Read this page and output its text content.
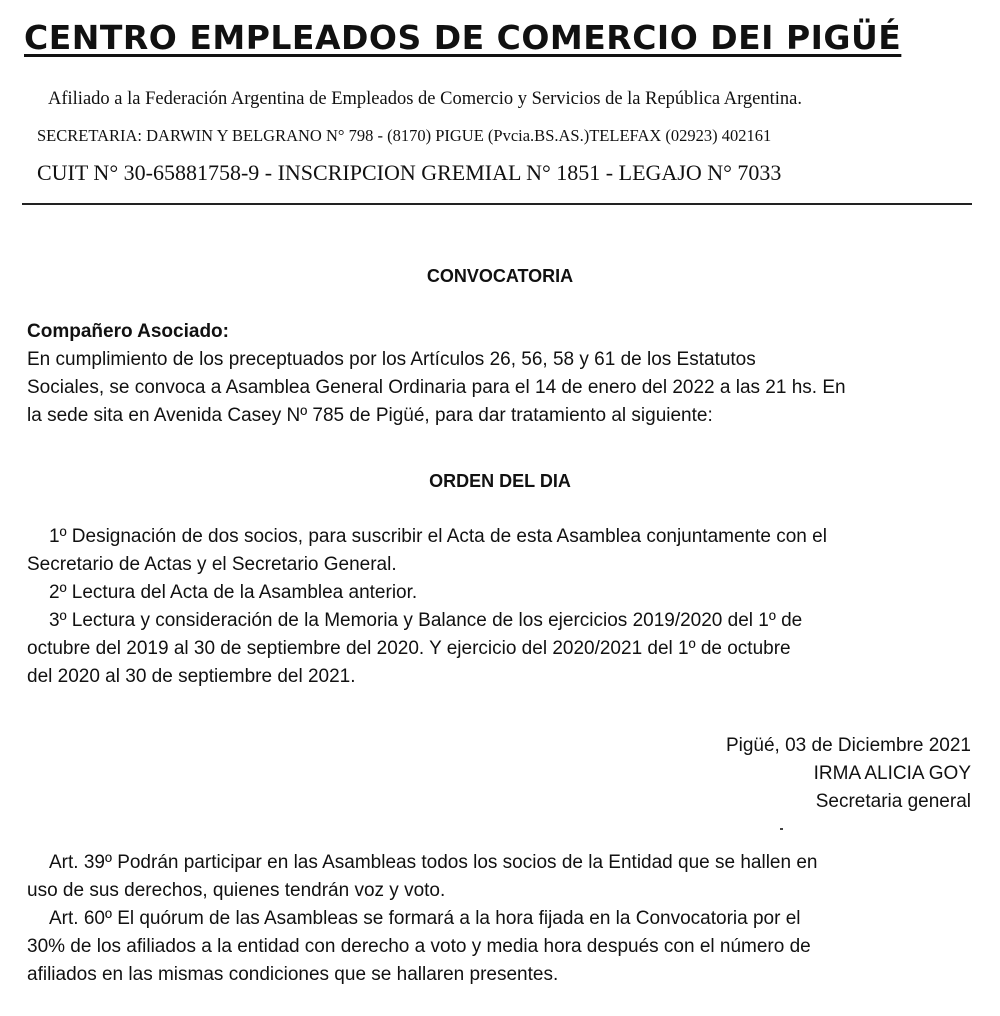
CENTRO EMPLEADOS DE COMERCIO DEI PIGÜÉ
Afiliado a la Federación Argentina de Empleados de Comercio y Servicios de la República Argentina.
SECRETARIA: DARWIN Y BELGRANO N° 798 - (8170) PIGUE (Pvcia.BS.AS.)TELEFAX (02923) 402161
CUIT N° 30-65881758-9 - INSCRIPCION GREMIAL N° 1851 - LEGAJO N° 7033
CONVOCATORIA
Compañero Asociado:
En cumplimiento de los preceptuados por los Artículos 26, 56, 58 y 61 de los Estatutos
Sociales, se convoca a Asamblea General Ordinaria para el 14 de enero del 2022 a las 21 hs. En
la sede sita en Avenida Casey Nº 785 de Pigüé, para dar tratamiento al siguiente:
ORDEN DEL DIA
1º Designación de dos socios, para suscribir el Acta de esta Asamblea conjuntamente con el
Secretario de Actas y el Secretario General.
2º Lectura del Acta de la Asamblea anterior.
3º Lectura y consideración de la Memoria y Balance de los ejercicios 2019/2020 del 1º de
octubre del 2019 al 30 de septiembre del 2020. Y ejercicio del 2020/2021 del 1º de octubre
del 2020 al 30 de septiembre del 2021.
Pigüé, 03 de Diciembre 2021
IRMA ALICIA GOY
Secretaria general
Art. 39º Podrán participar en las Asambleas todos los socios de la Entidad que se hallen en
uso de sus derechos, quienes tendrán voz y voto.
Art. 60º El quórum de las Asambleas se formará a la hora fijada en la Convocatoria por el
30% de los afiliados a la entidad con derecho a voto y media hora después con el número de
afiliados en las mismas condiciones que se hallaren presentes.
